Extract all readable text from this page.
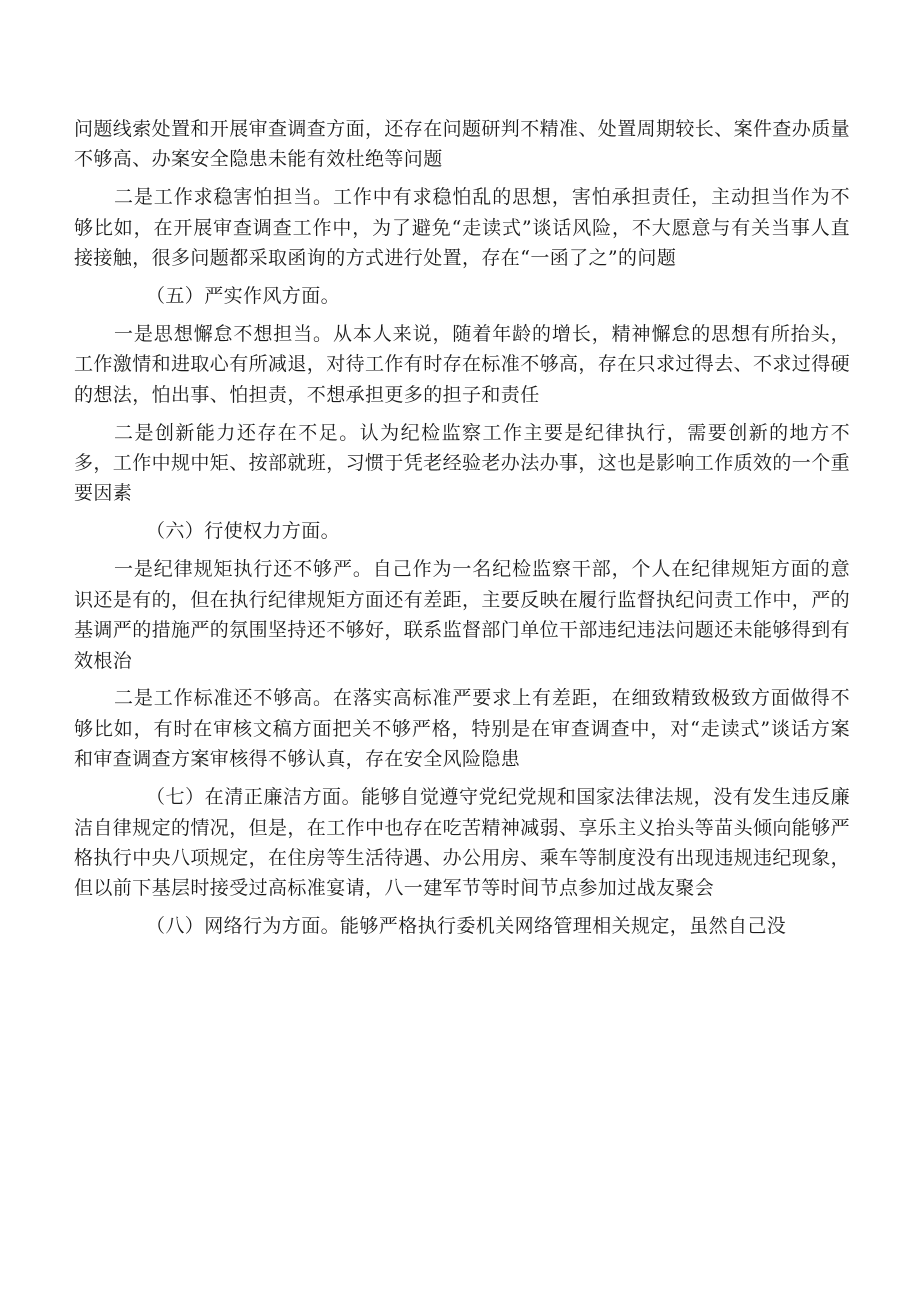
问题线索处置和开展审查调查方面，还存在问题研判不精准、处置周期较长、案件查办质量不够高、办案安全隐患未能有效杜绝等问题

二是工作求稳害怕担当。工作中有求稳怕乱的思想，害怕承担责任，主动担当作为不够比如，在开展审查调查工作中，为了避免“走读式”谈话风险，不大愿意与有关当事人直接接触，很多问题都采取函询的方式进行处置，存在“一函了之”的问题

（五）严实作风方面。

一是思想懈怠不想担当。从本人来说，随着年龄的增长，精神懈怠的思想有所抬头，工作激情和进取心有所减退，对待工作有时存在标准不够高，存在只求过得去、不求过得硬的想法，怕出事、怕担责，不想承担更多的担子和责任

二是创新能力还存在不足。认为纪检监察工作主要是纪律执行，需要创新的地方不多，工作中规中矩、按部就班，习惯于凭老经验老办法办事，这也是影响工作质效的一个重要因素

（六）行使权力方面。

一是纪律规矩执行还不够严。自己作为一名纪检监察干部，个人在纪律规矩方面的意识还是有的，但在执行纪律规矩方面还有差距，主要反映在履行监督执纪问责工作中，严的基调严的措施严的氛围坚持还不够好，联系监督部门单位干部违纪违法问题还未能够得到有效根治

二是工作标准还不够高。在落实高标准严要求上有差距，在细致精致极致方面做得不够比如，有时在审核文稿方面把关不够严格，特别是在审查调查中，对“走读式”谈话方案和审查调查方案审核得不够认真，存在安全风险隐患

（七）在清正廉洁方面。能够自觉遵守党纪党规和国家法律法规，没有发生违反廉洁自律规定的情况，但是，在工作中也存在吃苦精神减弱、享乐主义抬头等苗头倾向能够严格执行中央八项规定，在住房等生活待遇、办公用房、乘车等制度没有出现违规违纪现象，但以前下基层时接受过高标准宴请，八一建军节等时间节点参加过战友聚会

（八）网络行为方面。能够严格执行委机关网络管理相关规定，虽然自己没
